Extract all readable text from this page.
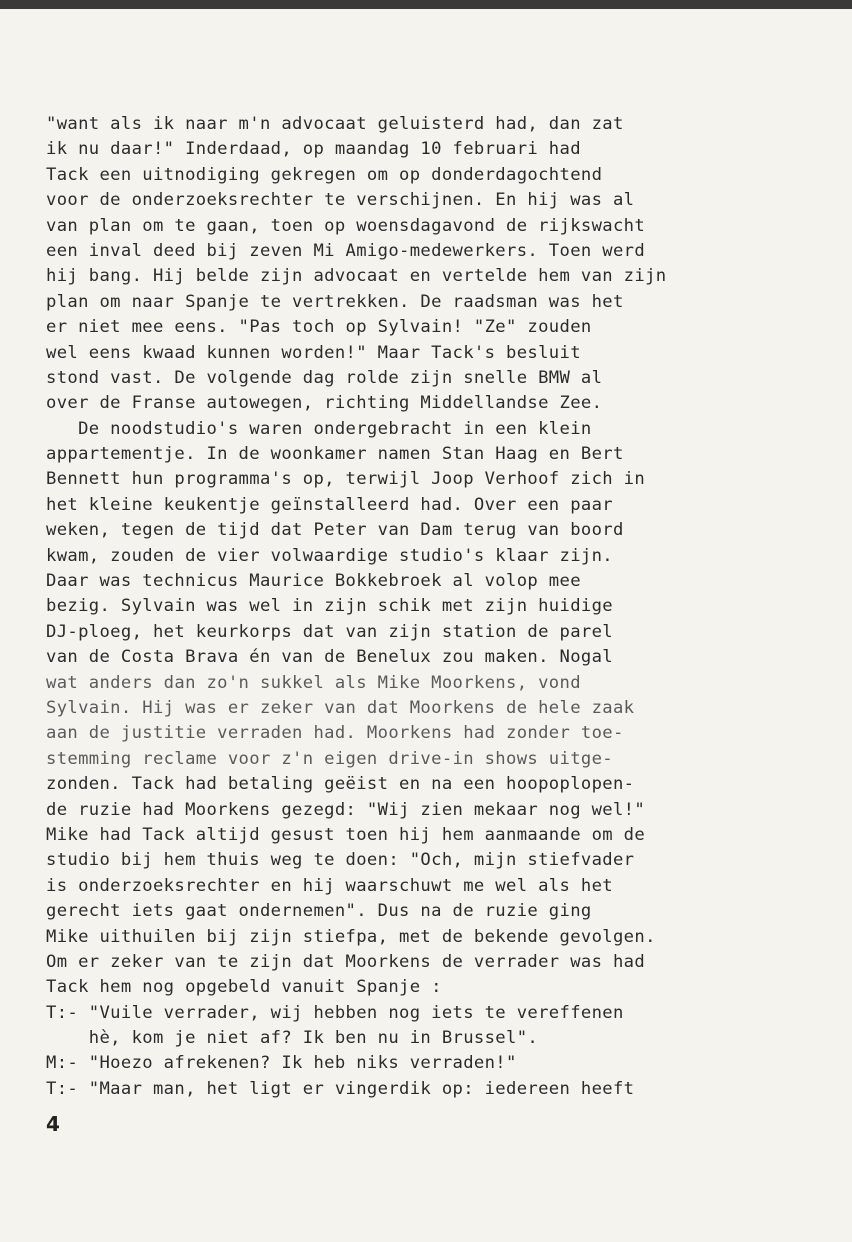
"want als ik naar m'n advocaat geluisterd had, dan zat
ik nu daar!" Inderdaad, op maandag 10 februari had
Tack een uitnodiging gekregen om op donderdagochtend
voor de onderzoeksrechter te verschijnen. En hij was al
van plan om te gaan, toen op woensdagavond de rijkswacht
een inval deed bij zeven Mi Amigo-medewerkers. Toen werd
hij bang. Hij belde zijn advocaat en vertelde hem van zijn
plan om naar Spanje te vertrekken. De raadsman was het
er niet mee eens. "Pas toch op Sylvain! "Ze" zouden
wel eens kwaad kunnen worden!" Maar Tack's besluit
stond vast. De volgende dag rolde zijn snelle BMW al
over de Franse autowegen, richting Middellandse Zee.
De noodstudio's waren ondergebracht in een klein
appartementje. In de woonkamer namen Stan Haag en Bert
Bennett hun programma's op, terwijl Joop Verhoof zich in
het kleine keukentje geïnstalleerd had. Over een paar
weken, tegen de tijd dat Peter van Dam terug van boord
kwam, zouden de vier volwaardige studio's klaar zijn.
Daar was technicus Maurice Bokkebroek al volop mee
bezig. Sylvain was wel in zijn schik met zijn huidige
DJ-ploeg, het keurkorps dat van zijn station de parel
van de Costa Brava én van de Benelux zou maken. Nogal
wat anders dan zo'n sukkel als Mike Moorkens, vond
Sylvain. Hij was er zeker van dat Moorkens de hele zaak
aan de justitie verraden had. Moorkens had zonder toe-
stemming reclame voor z'n eigen drive-in shows uitge-
zonden. Tack had betaling geëist en na een hoopoplopen-
de ruzie had Moorkens gezegd: "Wij zien mekaar nog wel!"
Mike had Tack altijd gesust toen hij hem aanmaande om de
studio bij hem thuis weg te doen: "Och, mijn stiefvader
is onderzoeksrechter en hij waarschuwt me wel als het
gerecht iets gaat ondernemen". Dus na de ruzie ging
Mike uithuilen bij zijn stiefpa, met de bekende gevolgen.
Om er zeker van te zijn dat Moorkens de verrader was had
Tack hem nog opgebeld vanuit Spanje :
T:- "Vuile verrader, wij hebben nog iets te vereffenen
hè, kom je niet af? Ik ben nu in Brussel".
M:- "Hoezo afrekenen? Ik heb niks verraden!"
T:- "Maar man, het ligt er vingerdik op: iedereen heeft
4
